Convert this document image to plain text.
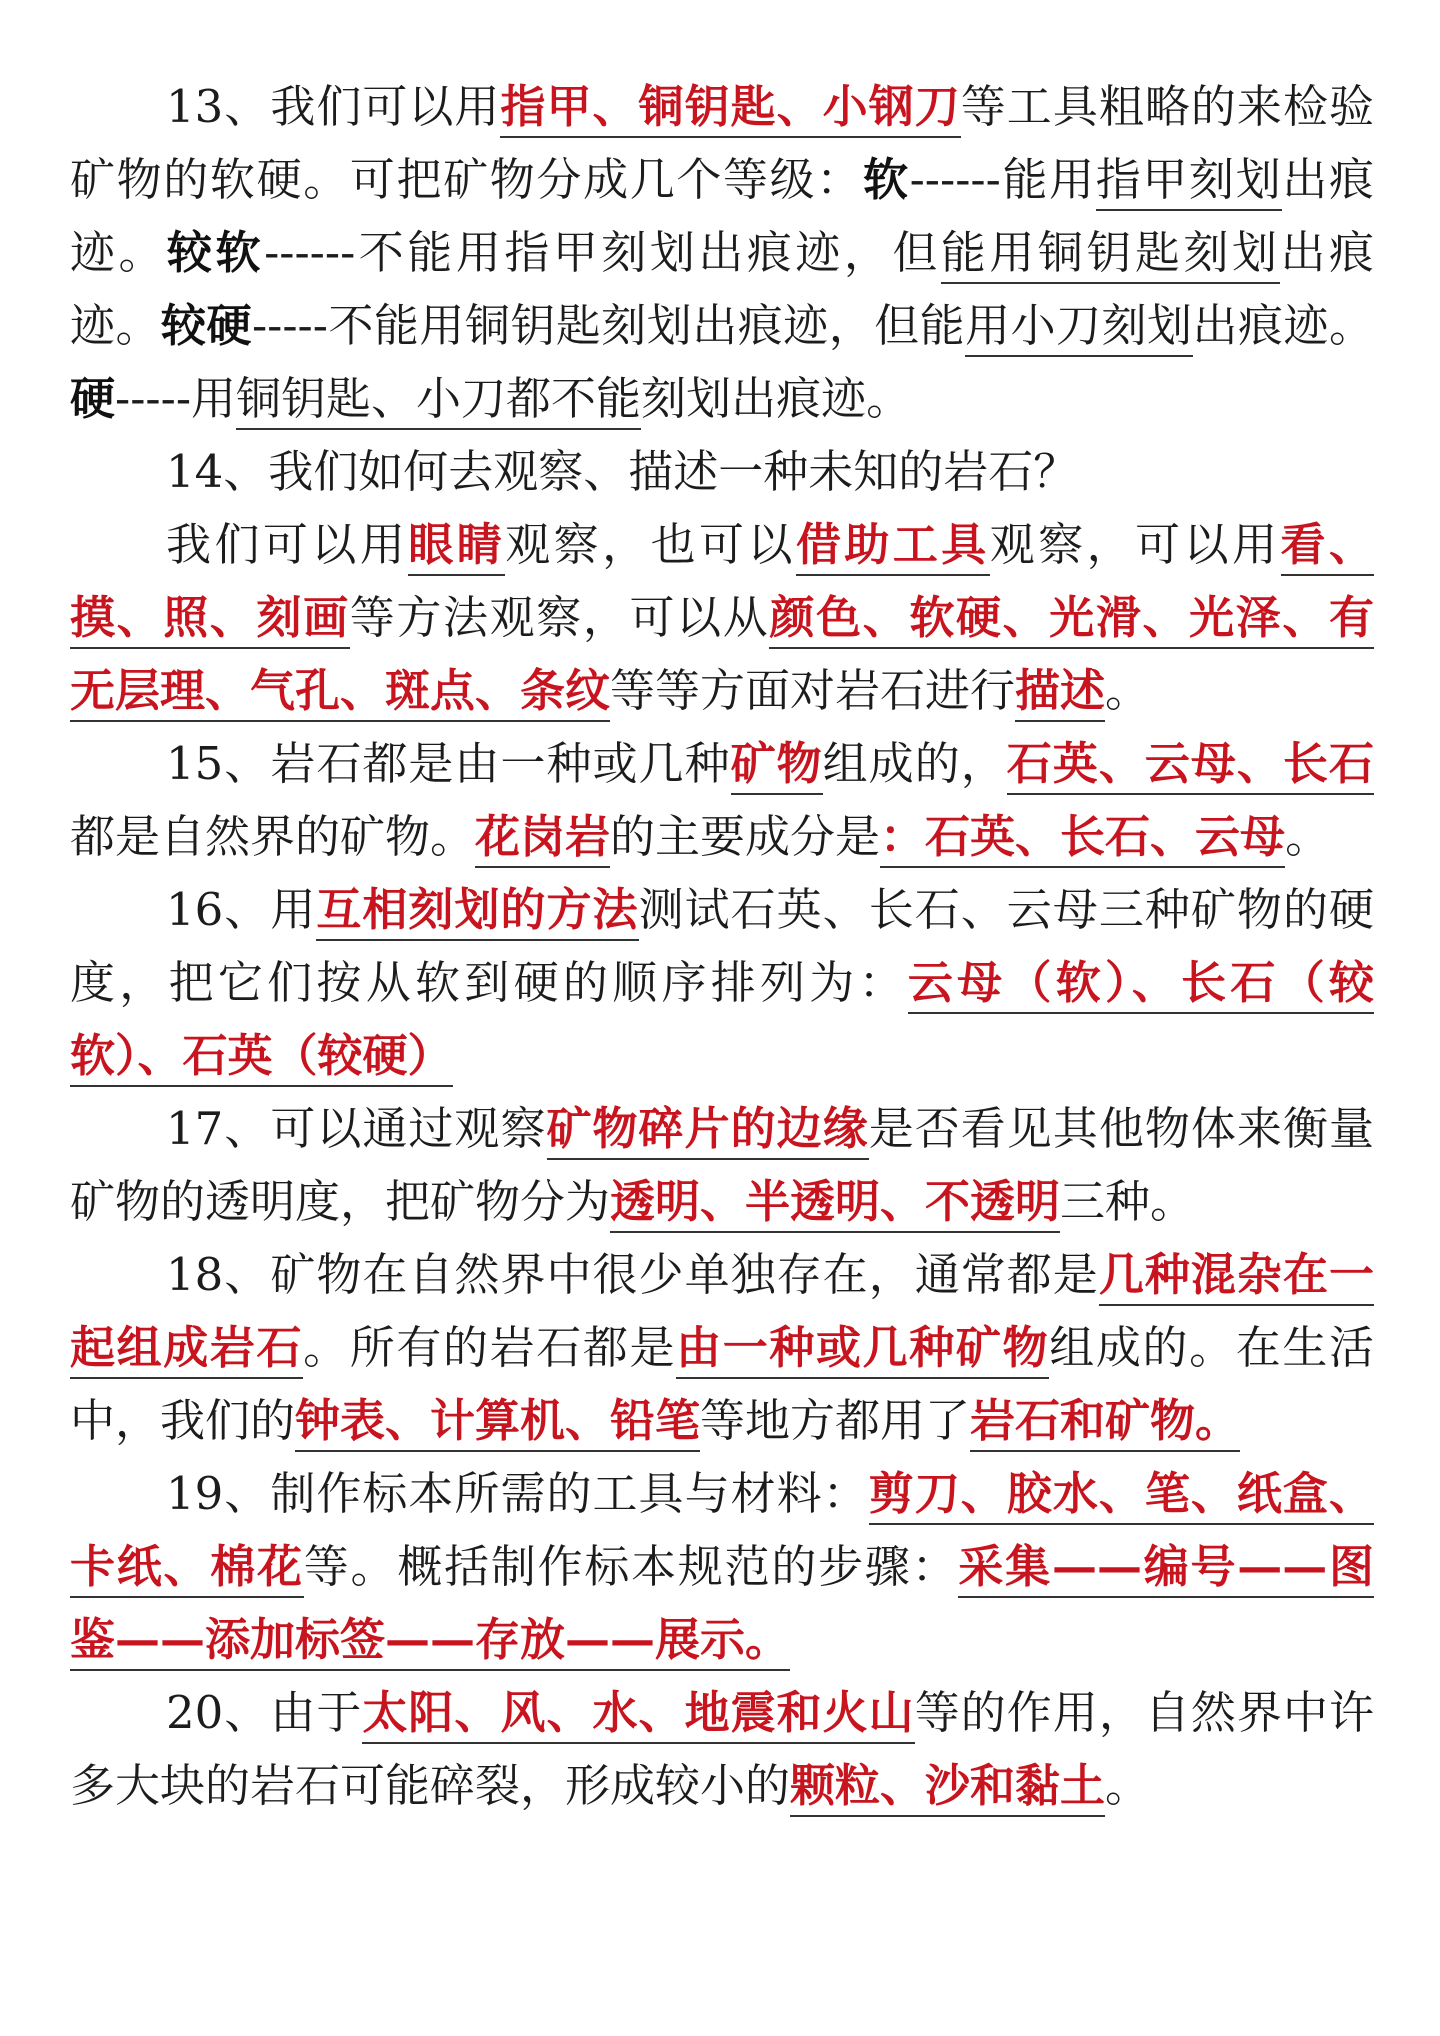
13、我们可以用指甲、铜钥匙、小钢刀等工具粗略的来检验矿物的软硬。可把矿物分成几个等级：软------能用指甲刻划出痕迹。较软------不能用指甲刻划出痕迹，但能用铜钥匙刻划出痕迹。较硬-----不能用铜钥匙刻划出痕迹，但能用小刀刻划出痕迹。硬-----用铜钥匙、小刀都不能刻划出痕迹。

14、我们如何去观察、描述一种未知的岩石？

我们可以用眼睛观察，也可以借助工具观察，可以用看、摸、照、刻画等方法观察，可以从颜色、软硬、光滑、光泽、有无层理、气孔、斑点、条纹等等方面对岩石进行描述。

15、岩石都是由一种或几种矿物组成的，石英、云母、长石都是自然界的矿物。花岗岩的主要成分是：石英、长石、云母。

16、用互相刻划的方法测试石英、长石、云母三种矿物的硬度，把它们按从软到硬的顺序排列为：云母（软）、长石（较软）、石英（较硬）

17、可以通过观察矿物碎片的边缘是否看见其他物体来衡量矿物的透明度，把矿物分为透明、半透明、不透明三种。

18、矿物在自然界中很少单独存在，通常都是几种混杂在一起组成岩石。所有的岩石都是由一种或几种矿物组成的。在生活中，我们的钟表、计算机、铅笔等地方都用了岩石和矿物。

19、制作标本所需的工具与材料：剪刀、胶水、笔、纸盒、卡纸、棉花等。概括制作标本规范的步骤：采集——编号——图鉴——添加标签——存放——展示。

20、由于太阳、风、水、地震和火山等的作用，自然界中许多大块的岩石可能碎裂，形成较小的颗粒、沙和黏土。
